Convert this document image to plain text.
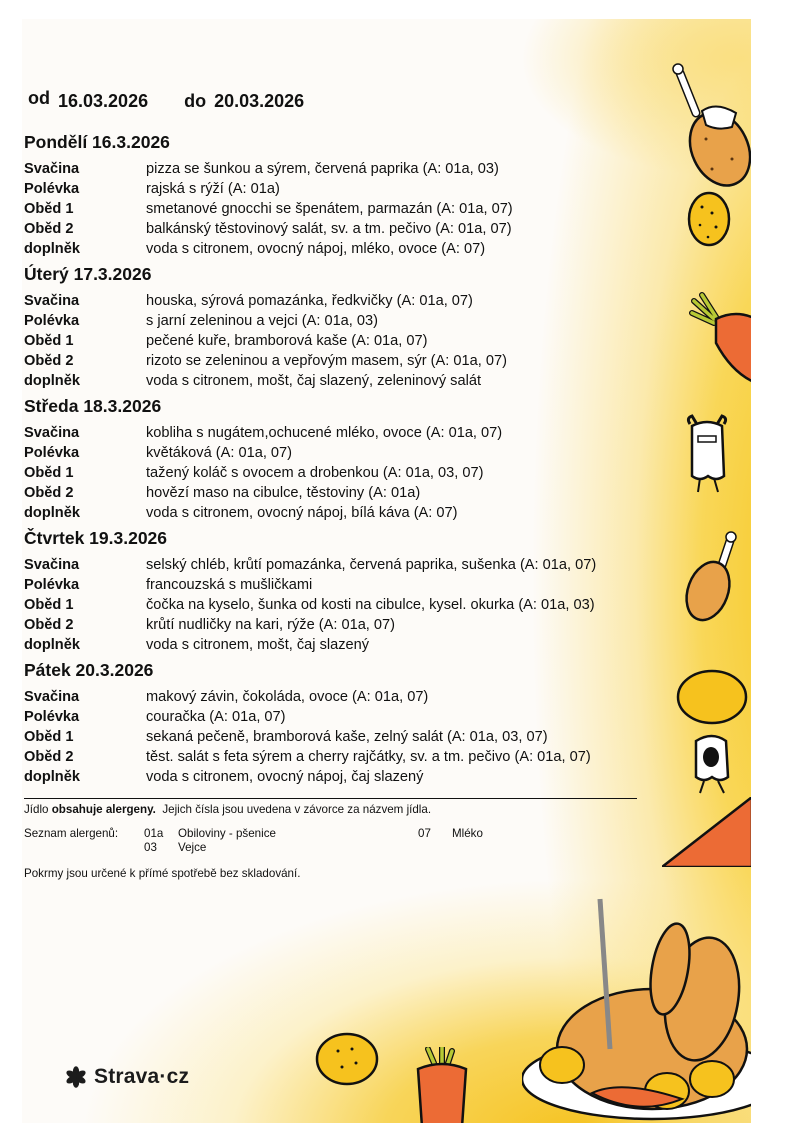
od 16.03.2026 do 20.03.2026
Pondělí 16.3.2026
Svačina	pizza se šunkou a sýrem, červená paprika (A: 01a, 03)
Polévka	rajská s rýží (A: 01a)
Oběd 1	smetanové gnocchi se špenátem, parmazán (A: 01a, 07)
Oběd 2	balkánský těstovinový salát, sv. a tm. pečivo (A: 01a, 07)
doplněk	voda s citronem, ovocný nápoj, mléko, ovoce (A: 07)
Úterý 17.3.2026
Svačina	houska, sýrová pomazánka, ředkvičky (A: 01a, 07)
Polévka	s jarní zeleninou a vejci (A: 01a, 03)
Oběd 1	pečené kuře, bramborová kaše (A: 01a, 07)
Oběd 2	rizoto se zeleninou a vepřovým masem, sýr (A: 01a, 07)
doplněk	voda s citronem, mošt, čaj slazený, zeleninový salát
Středa 18.3.2026
Svačina	kobliha s nugátem,ochucené mléko, ovoce (A: 01a, 07)
Polévka	květáková (A: 01a, 07)
Oběd 1	tažený koláč s ovocem a drobenkou (A: 01a, 03, 07)
Oběd 2	hovězí maso na cibulce, těstoviny (A: 01a)
doplněk	voda s citronem, ovocný nápoj, bílá káva (A: 07)
Čtvrtek 19.3.2026
Svačina	selský chléb, krůtí pomazánka, červená paprika, sušenka (A: 01a, 07)
Polévka	francouzská s mušličkami
Oběd 1	čočka na kyselo, šunka od kosti na cibulce, kysel. okurka (A: 01a, 03)
Oběd 2	krůtí nudličky na kari, rýže (A: 01a, 07)
doplněk	voda s citronem, mošt, čaj slazený
Pátek 20.3.2026
Svačina	makový závin, čokoláda, ovoce (A: 01a, 07)
Polévka	couračka (A: 01a, 07)
Oběd 1	sekaná pečeně, bramborová kaše, zelný salát (A: 01a, 03, 07)
Oběd 2	těst. salát s feta sýrem a cherry rajčátky, sv. a tm. pečivo (A: 01a, 07)
doplněk	voda s citronem, ovocný nápoj, čaj slazený
Jídlo obsahuje alergeny.  Jejich čísla jsou uvedena v závorce za názvem jídla.
Seznam alergenů: 01a	Obiloviny - pšenice
03	Vejce
07	Mléko
Pokrmy jsou určené k přímé spotřebě bez skladování.
Strava·cz
